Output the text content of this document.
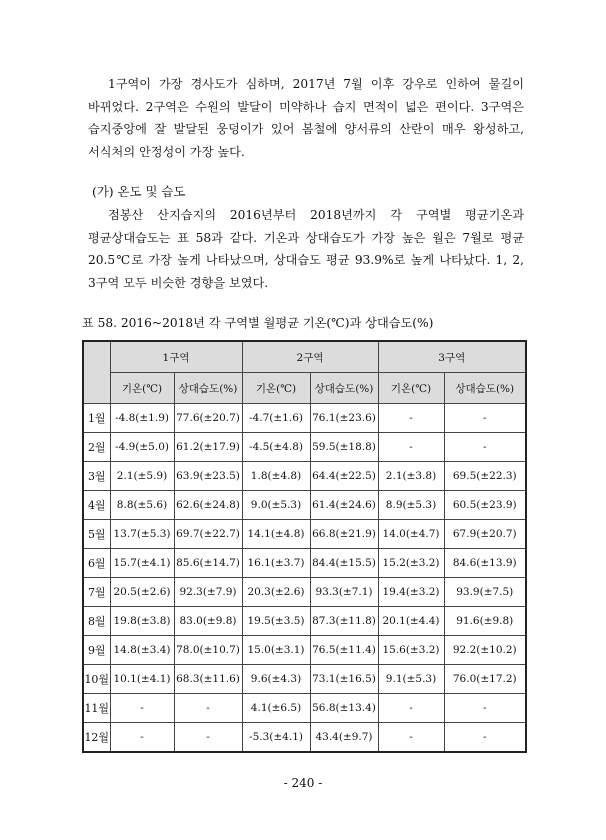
1구역이 가장 경사도가 심하며, 2017년 7월 이후 강우로 인하여 물길이
바뀌었다. 2구역은 수원의 발달이 미약하나 습지 면적이 넓은 편이다. 3구역은
습지중앙에 잘 발달된 웅덩이가 있어 봄철에 양서류의 산란이 매우 왕성하고,
서식처의 안정성이 가장 높다.

(가) 온도 및 습도

점봉산 산지습지의 2016년부터 2018년까지 각 구역별 평균기온과
평균상대습도는 표 58과 같다. 기온과 상대습도가 가장 높은 월은 7월로 평균
20.5℃로 가장 높게 나타났으며, 상대습도 평균 93.9%로 높게 나타났다. 1, 2,
3구역 모두 비슷한 경향을 보였다.

표 58. 2016~2018년 각 구역별 월평균 기온(℃)과 상대습도(%)

	1구역		2구역		3구역	
	기온(℃)	상대습도(%)	기온(℃)	상대습도(%)	기온(℃)	상대습도(%)
1월	-4.8(±1.9)	77.6(±20.7)	-4.7(±1.6)	76.1(±23.6)	-	-
2월	-4.9(±5.0)	61.2(±17.9)	-4.5(±4.8)	59.5(±18.8)	-	-
3월	2.1(±5.9)	63.9(±23.5)	1.8(±4.8)	64.4(±22.5)	2.1(±3.8)	69.5(±22.3)
4월	8.8(±5.6)	62.6(±24.8)	9.0(±5.3)	61.4(±24.6)	8.9(±5.3)	60.5(±23.9)
5월	13.7(±5.3)	69.7(±22.7)	14.1(±4.8)	66.8(±21.9)	14.0(±4.7)	67.9(±20.7)
6월	15.7(±4.1)	85.6(±14.7)	16.1(±3.7)	84.4(±15.5)	15.2(±3.2)	84.6(±13.9)
7월	20.5(±2.6)	92.3(±7.9)	20.3(±2.6)	93.3(±7.1)	19.4(±3.2)	93.9(±7.5)
8월	19.8(±3.8)	83.0(±9.8)	19.5(±3.5)	87.3(±11.8)	20.1(±4.4)	91.6(±9.8)
9월	14.8(±3.4)	78.0(±10.7)	15.0(±3.1)	76.5(±11.4)	15.6(±3.2)	92.2(±10.2)
10월	10.1(±4.1)	68.3(±11.6)	9.6(±4.3)	73.1(±16.5)	9.1(±5.3)	76.0(±17.2)
11월	-	-	4.1(±6.5)	56.8(±13.4)	-	-
12월	-	-	-5.3(±4.1)	43.4(±9.7)	-	-

- 240 -
